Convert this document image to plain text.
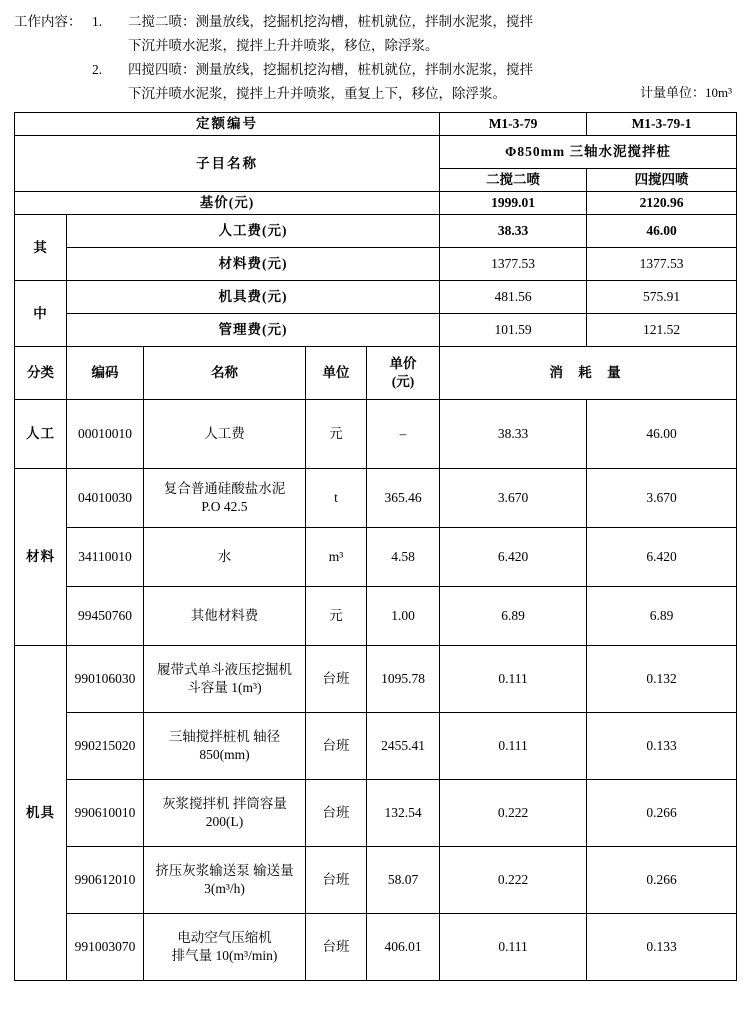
工作内容： 1.	二搅二喷：测量放线，挖掘机挖沟槽，桩机就位，拌制水泥浆，搅拌
下沉并喷水泥浆，搅拌上升并喷浆，移位，除浮浆。
2.	四搅四喷：测量放线，挖掘机挖沟槽，桩机就位，拌制水泥浆，搅拌
下沉并喷水泥浆，搅拌上升并喷浆，重复上下，移位，除浮浆。	计量单位：10m³
定额编号					M1-3-79	M1-3-79-1
子目名称					Φ850mm 三轴水泥搅拌桩	
					二搅二喷	四搅四喷
基价(元)					1999.01	2120.96
其	人工费(元)				38.33	46.00
	材料费(元)				1377.53	1377.53
中	机具费(元)				481.56	575.91
	管理费(元)				101.59	121.52
分类	编码	名称	单位	单价
(元)	消 耗 量	
人工	00010010	人工费	元	–	38.33	46.00
材料	04010030	复合普通硅酸盐水泥
P.O 42.5	t	365.46	3.670	3.670
	34110010	水	m³	4.58	6.420	6.420
	99450760	其他材料费	元	1.00	6.89	6.89
机具	990106030	履带式单斗液压挖掘机
斗容量 1(m³)	台班	1095.78	0.111	0.132
	990215020	三轴搅拌桩机 轴径
850(mm)	台班	2455.41	0.111	0.133
	990610010	灰浆搅拌机 拌筒容量
200(L)	台班	132.54	0.222	0.266
	990612010	挤压灰浆输送泵 输送量
3(m³/h)	台班	58.07	0.222	0.266
	991003070	电动空气压缩机
排气量 10(m³/min)	台班	406.01	0.111	0.133
